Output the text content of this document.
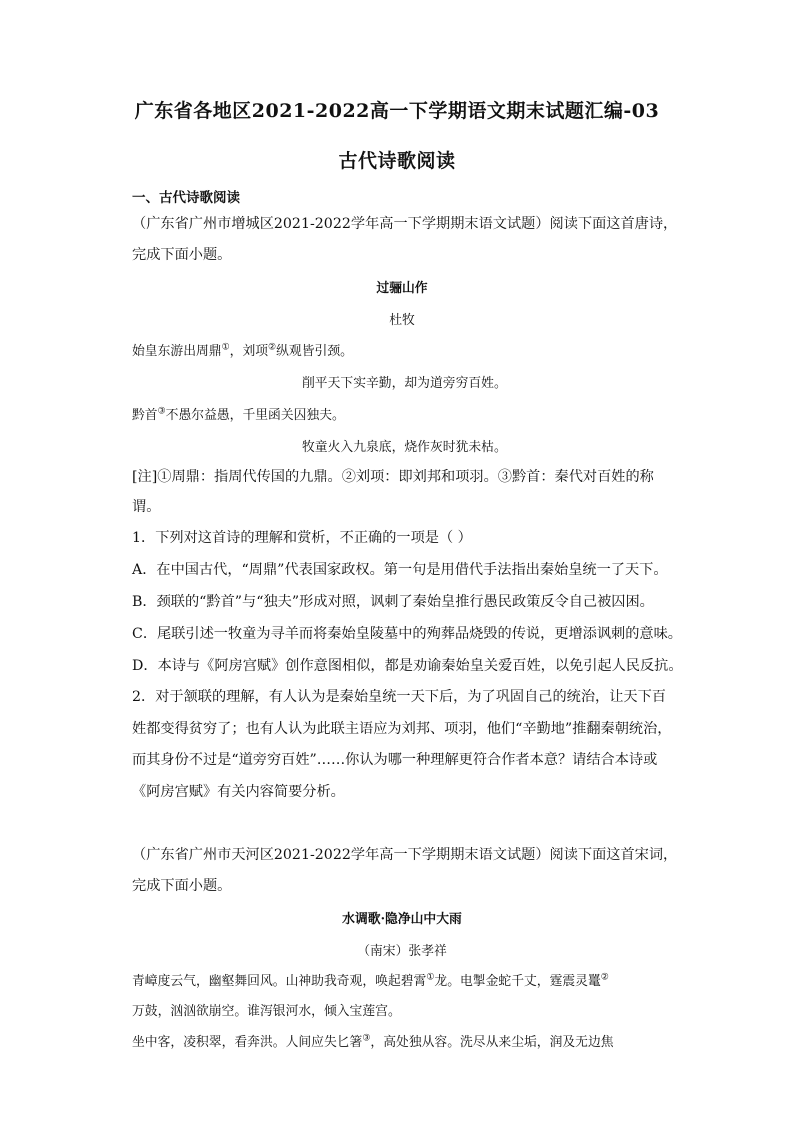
广东省各地区2021-2022高一下学期语文期末试题汇编-03
古代诗歌阅读
一、古代诗歌阅读
（广东省广州市增城区2021-2022学年高一下学期期末语文试题）阅读下面这首唐诗，
完成下面小题。
过骊山作
杜牧
始皇东游出周鼎①，刘项②纵观皆引颈。
削平天下实辛勤，却为道旁穷百姓。
黔首③不愚尔益愚，千里函关囚独夫。
牧童火入九泉底，烧作灰时犹未枯。
[注]①周鼎：指周代传国的九鼎。②刘项：即刘邦和项羽。③黔首：秦代对百姓的称
谓。
1．下列对这首诗的理解和赏析，不正确的一项是（ ）
A．在中国古代，“周鼎”代表国家政权。第一句是用借代手法指出秦始皇统一了天下。
B．颈联的“黔首”与“独夫”形成对照，讽刺了秦始皇推行愚民政策反令自己被囚困。
C．尾联引述一牧童为寻羊而将秦始皇陵墓中的殉葬品烧毁的传说，更增添讽刺的意味。
D．本诗与《阿房宫赋》创作意图相似，都是劝谕秦始皇关爱百姓，以免引起人民反抗。
2．对于颔联的理解，有人认为是秦始皇统一天下后，为了巩固自己的统治，让天下百
姓都变得贫穷了；也有人认为此联主语应为刘邦、项羽，他们“辛勤地”推翻秦朝统治，
而其身份不过是“道旁穷百姓”……你认为哪一种理解更符合作者本意？请结合本诗或
《阿房宫赋》有关内容简要分析。
（广东省广州市天河区2021-2022学年高一下学期期末语文试题）阅读下面这首宋词，
完成下面小题。
水调歌·隐净山中大雨
（南宋）张孝祥
青嶂度云气，幽壑舞回风。山神助我奇观，唤起碧霄①龙。电掣金蛇千丈，霆震灵鼍②
万鼓，汹汹欲崩空。谁泻银河水，倾入宝莲宫。
坐中客，凌积翠，看奔洪。人间应失匕箸③，高处独从容。洗尽从来尘垢，润及无边焦
